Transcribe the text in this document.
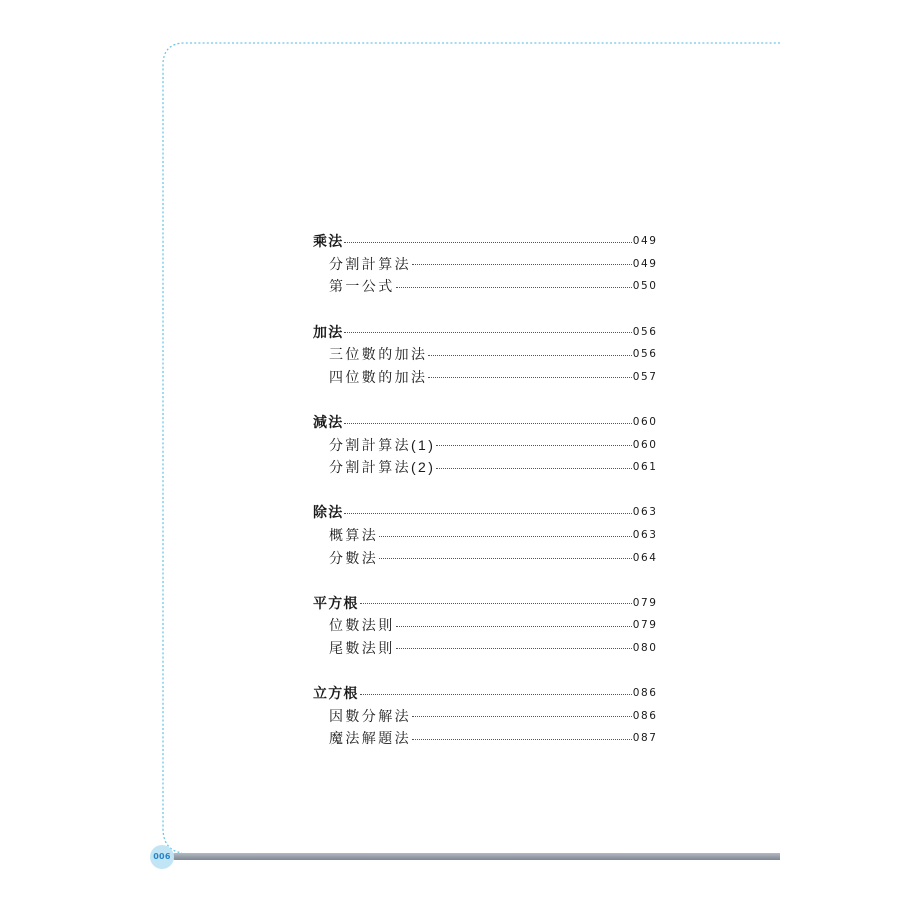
006
乘法	049
分割計算法	049
第一公式	050
加法	056
三位數的加法	056
四位數的加法	057
減法	060
分割計算法(1)	060
分割計算法(2)	061
除法	063
概算法	063
分數法	064
平方根	079
位數法則	079
尾數法則	080
立方根	086
因數分解法	086
魔法解題法	087
